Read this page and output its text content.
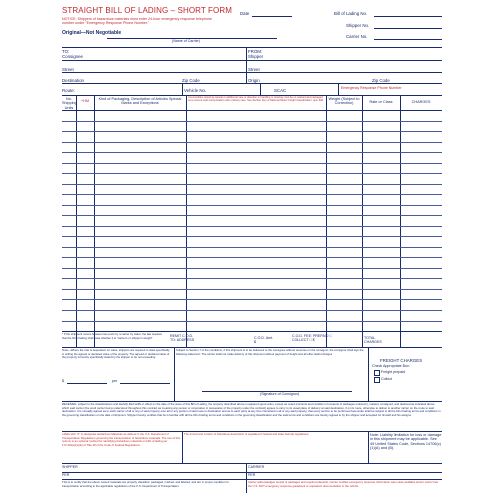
STRAIGHT BILL OF LADING – SHORT FORM
NOTICE: Shippers of hazardous materials must enter 24-hour emergency response telephone number under "Emergency Response Phone Number."
Original—Not Negotiable
(Name of Carrier)
Date	Bill of Lading No.
Shipper No.
Carrier No.
TO:
Consignee
FROM:
Shipper
Street	Street
Destination	Zip Code	Origin	Zip Code
Route:	Vehicle No.	SCAC	Emergency Response Phone Number
No. Shipping Units
+HM	Kind of Packaging, Description of Articles Special Marks and Exceptions
Commodities requiring special or additional care or attention in handling or stowing must be so marked and packaged as to ensure safe transportation with ordinary care. See Section 2(e) of National Motor Freight Classification, item 360.	Weight (Subject to Correction)	Rate or Class	CHARGES
Note—Where the rate is dependent on value, shippers are required to state specifically in writing the agreed or declared value of the property. The agreed or declared value of the property is hereby specifically stated by the shipper to be not exceeding
$	per
Subject to Section 7 of the conditions, if this shipment is to be delivered to the consignee without recourse on the consignor, the consignor shall sign the following statement: The carrier shall not make delivery of this shipment without payment of freight and all other lawful charges.
(Signature of Consignor)
FREIGHT CHARGES
Check Appropriate Box:
Freight prepaid
Collect
* If the shipment moves between two ports by a carrier by water, the law requires that the bill of lading shall state whether it is "carrier's or shipper's weight"	REMIT C.O.D. TO: ADDRESS
C.O.D. Amt. $
C.O.D. FEE: PREPAID □ COLLECT □ $
TOTAL CHARGES
RECEIVED, subject to the classifications and lawfully filed tariffs in effect on the date of the issue of this Bill of Lading, the property described above in apparent good order, except as noted (contents and condition of contents of packages unknown), marked, consigned, and destined as indicated above which said carrier (the word carrier being understood throughout this contract as meaning any person or corporation in possession of the property under the contract) agrees to carry to its usual place of delivery at said destination, if on its route, otherwise to deliver to another carrier on the route to said destination. It is mutually agreed as to each carrier of all or any of said property over all or any portion of said route to destination and as to each party at any time interested in all or any said property, that every service to be performed hereunder shall be subject to all the bill of lading terms and conditions in the governing classification on the date of shipment. Shipper hereby certifies that he is familiar with all the bill of lading terms and conditions in the governing classification and the said terms and conditions are hereby agreed to by the shipper and accepted for himself and his assigns.
+Mark with "X" to designate Hazardous Materials as defined in the U.S. Department of Transportation Regulations governing the transportation of hazardous materials. The use of this column is an optional method for identifying hazardous materials on bills of lading per 172.201(a)(1)(iii) of Title 49 of the Code of Federal Regulations.
The format and content of hazardous description is regulated in federal and state hazmat regulations.	Note: Liability limitation for loss or damage in this shipment may be applicable. See 49 United States Code, Sections 14706(c)(1)(A) and (B).
SHIPPER	CARRIER
PER	PER
This is to certify that the above named materials are properly classified, packaged, marked, and labeled, and are in proper condition for transportation according to the applicable regulations of the U.S. Department of Transportation.
Carrier acknowledges receipt of packages and required placards. Carrier certifies emergency response information was made available and/or carrier has the U.S. DOT emergency response guidebook or equivalent documentation in the vehicle.
